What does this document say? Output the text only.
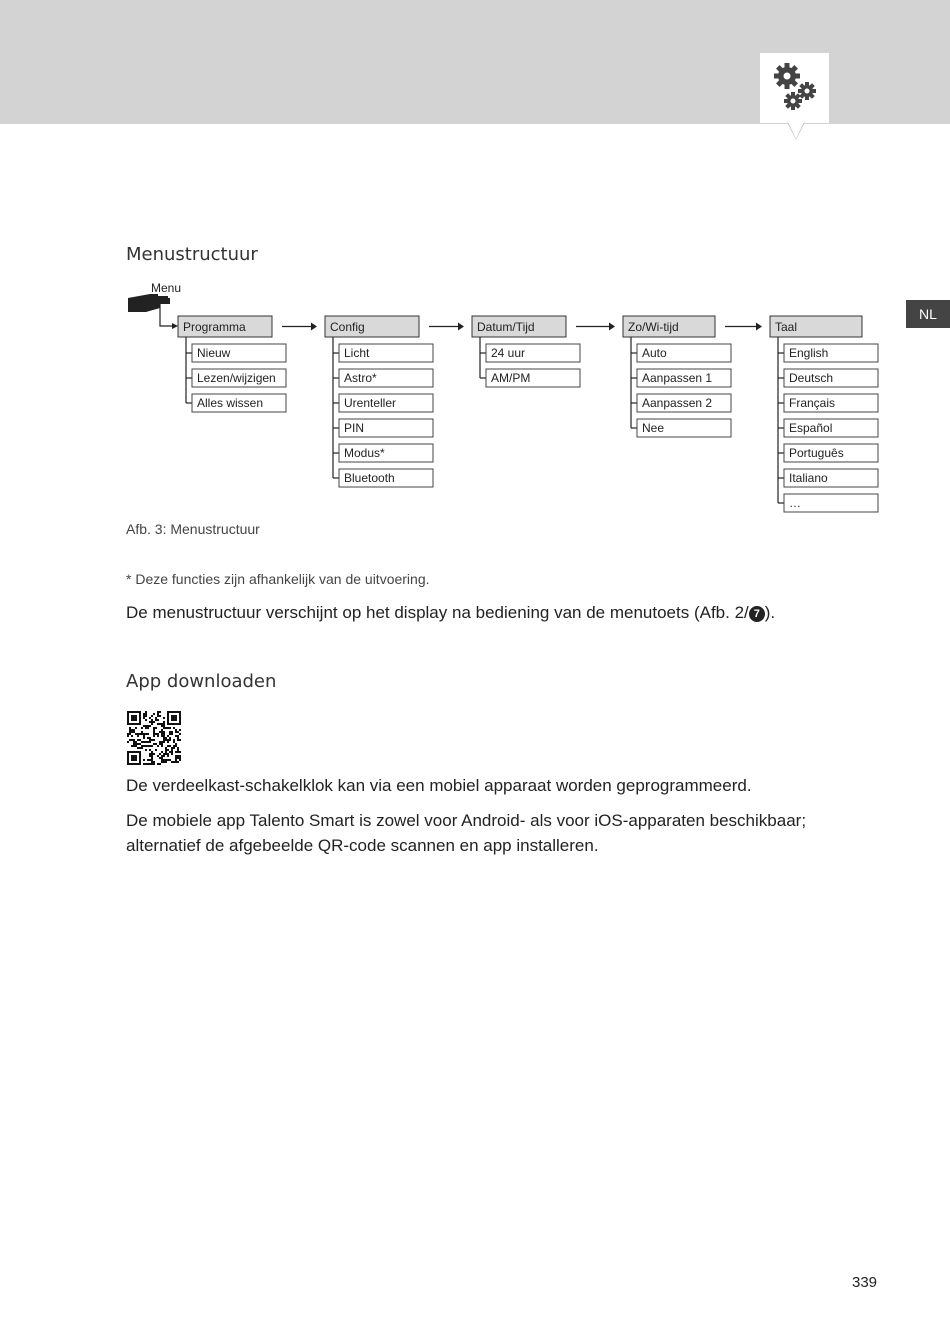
NL
Menustructuur
Menu
Programma
Nieuw
Lezen/wijzigen
Alles wissen
Config
Licht
Astro*
Urenteller
PIN
Modus*
Bluetooth
Datum/Tijd
24 uur
AM/PM
Zo/Wi-tijd
Auto
Aanpassen 1
Aanpassen 2
Nee
Taal
English
Deutsch
Français
Español
Português
Italiano
…
Afb. 3: Menustructuur
* Deze functies zijn afhankelijk van de uitvoering.
De menustructuur verschijnt op het display na bediening van de menutoets (Afb. 2/ 7 ).
App downloaden
De verdeelkast-schakelklok kan via een mobiel apparaat worden geprogrammeerd.
De mobiele app Talento Smart is zowel voor Android- als voor iOS-apparaten beschikbaar; alternatief de afgebeelde QR-code scannen en app installeren.
339
